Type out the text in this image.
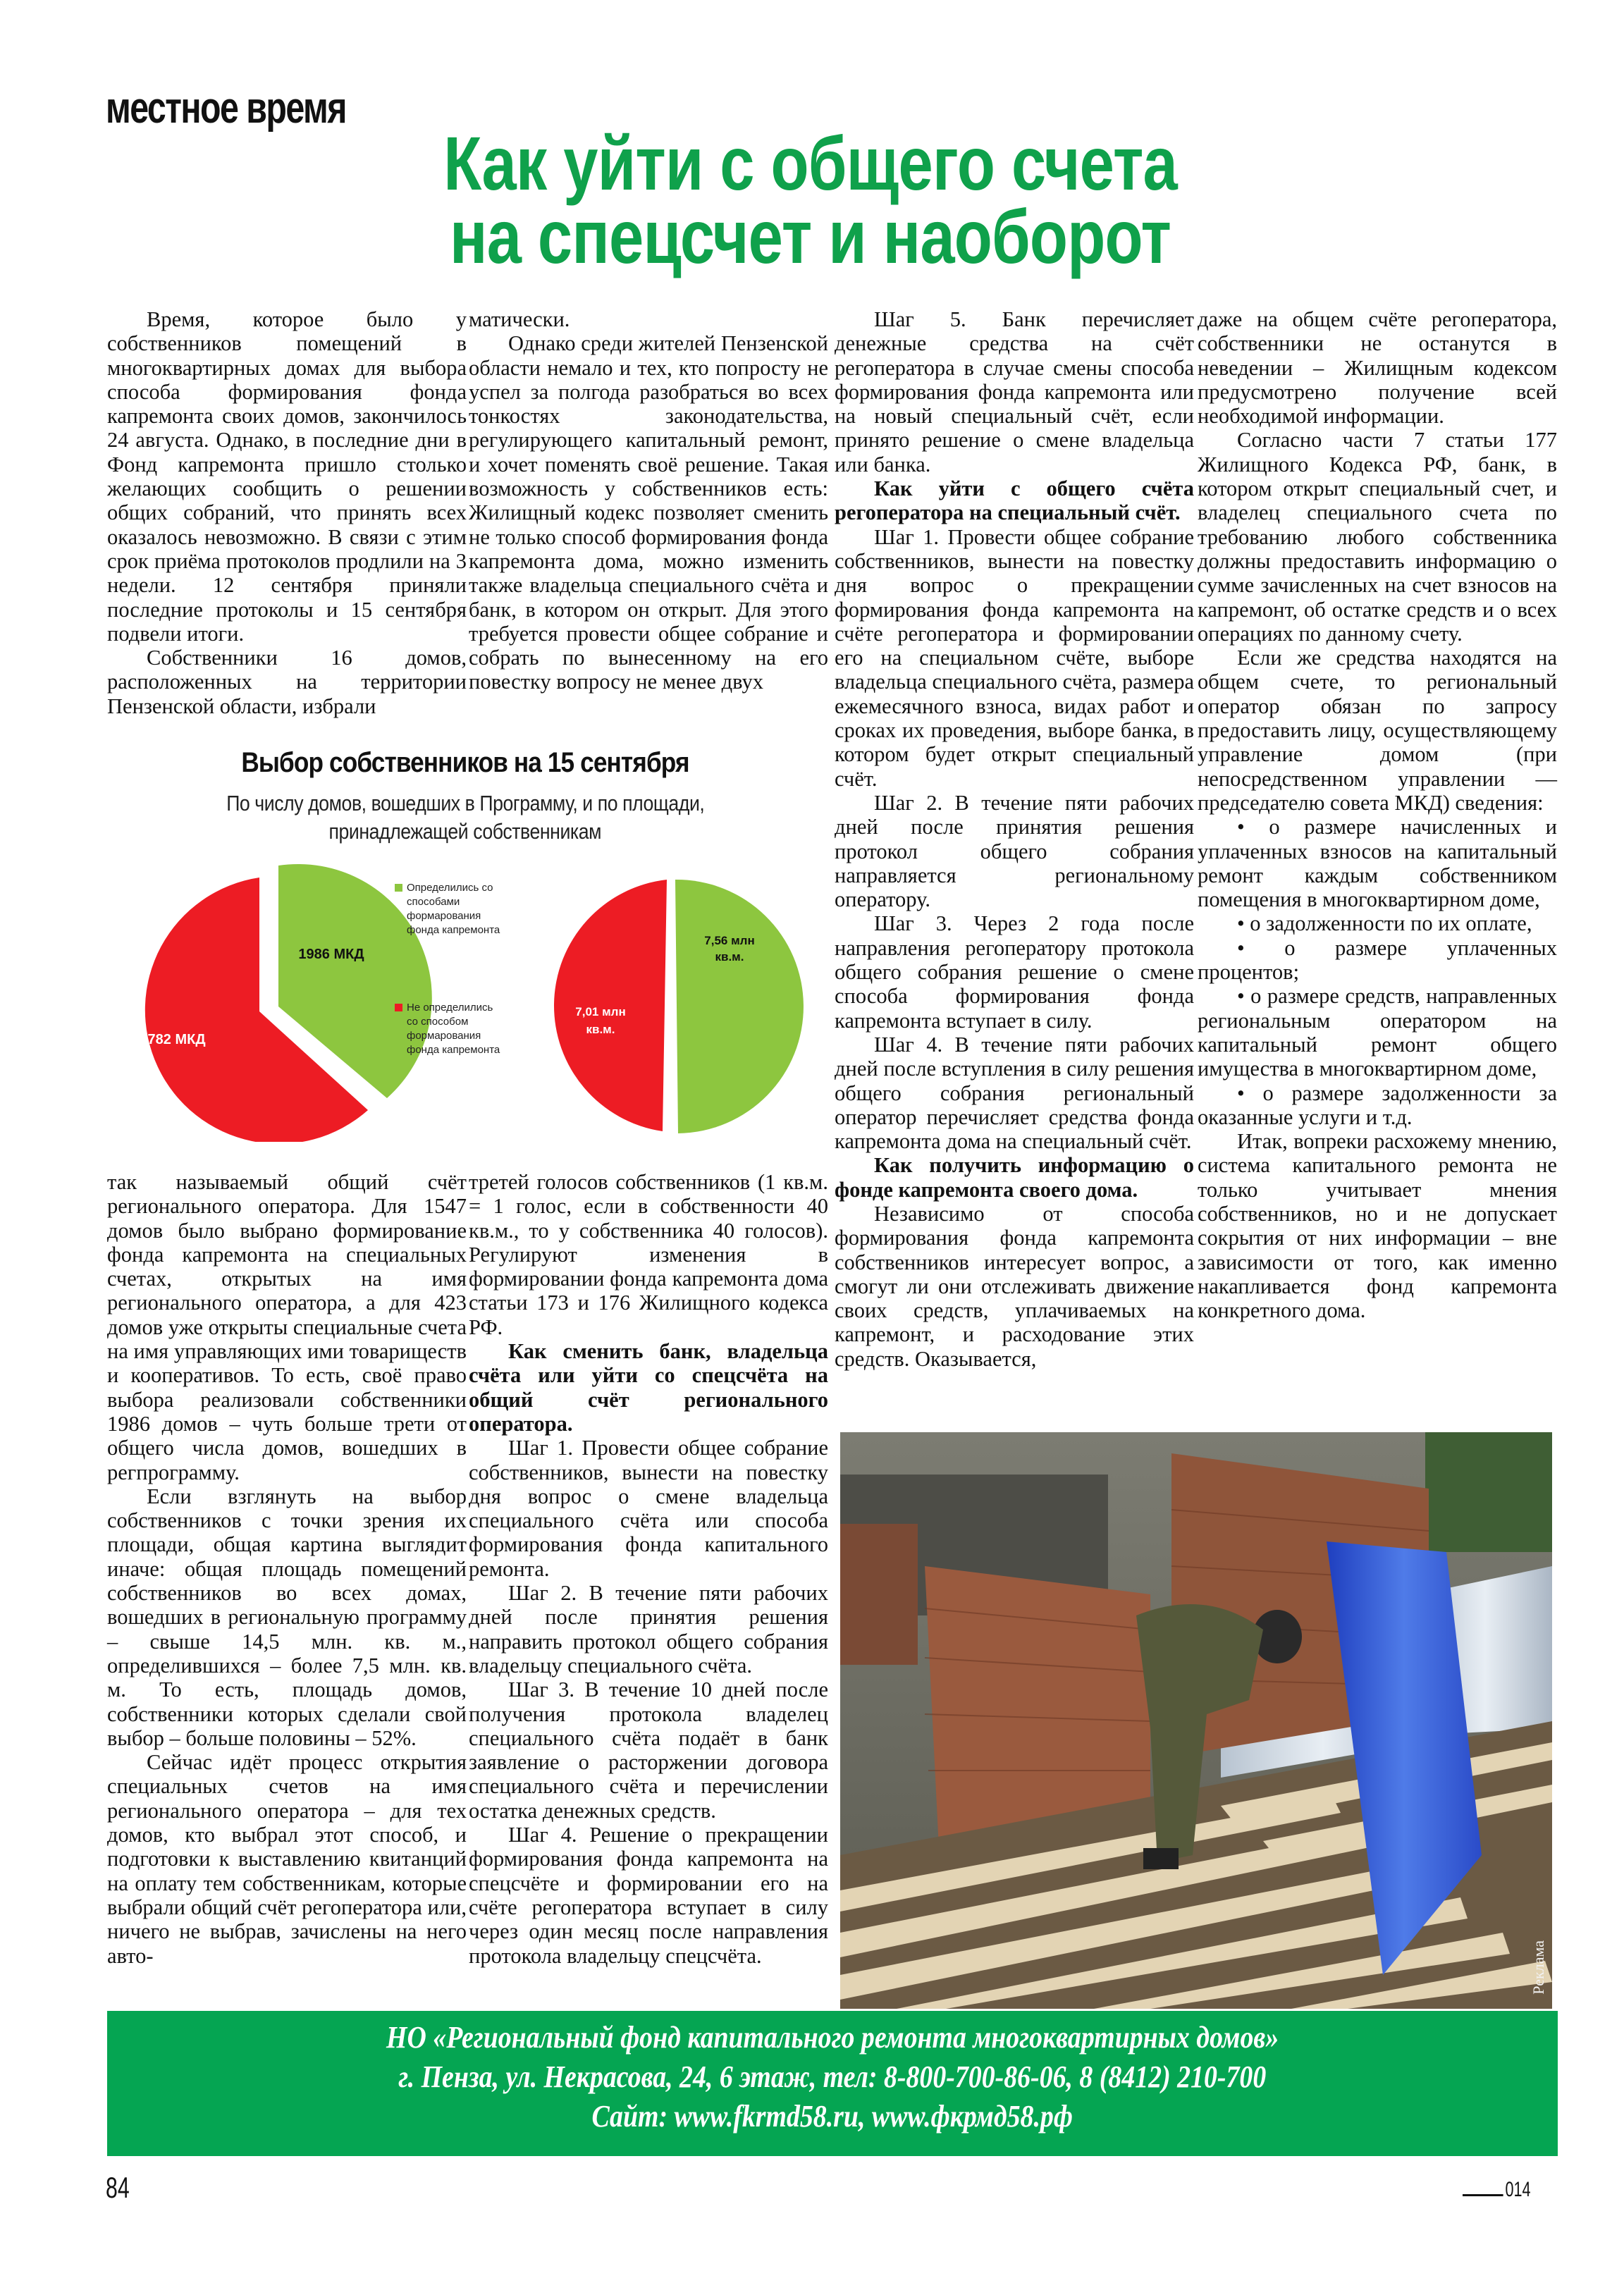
местное время
Как уйти с общего счета
на спецсчет и наоборот

Время, которое было у собственников помещений в многоквартирных домах для выбора способа формирования фонда капремонта своих домов, закончилось 24 августа. Однако, в последние дни в Фонд капремонта пришло столько желающих сообщить о решении общих собраний, что принять всех оказалось невозможно. В связи с этим срок приёма протоколов продлили на 3 недели. 12 сентября приняли последние протоколы и 15 сентября подвели итоги.

Собственники 16 домов, расположенных на территории Пензенской области, избрали

матически.

Однако среди жителей Пензенской области немало и тех, кто попросту не успел за полгода разобраться во всех тонкостях законодательства, регулирующего капитальный ремонт, и хочет поменять своё решение. Такая возможность у собственников есть: Жилищный кодекс позволяет сменить не только способ формирования фонда капремонта дома, можно изменить также владельца специального счёта и банк, в котором он открыт. Для этого требуется провести общее собрание и собрать по вынесенному на его повестку вопросу не менее двух

Шаг 5. Банк перечисляет денежные средства на счёт регоператора в случае смены способа формирования фонда капремонта или на новый специальный счёт, если принято решение о смене владельца или банка.

Как уйти с общего счёта регоператора на специальный счёт.

Шаг 1. Провести общее собрание собственников, вынести на повестку дня вопрос о прекращении формирования фонда капремонта на счёте регоператора и формировании его на специальном счёте, выборе владельца специального счёта, размера ежемесячного взноса, видах работ и сроках их проведения, выборе банка, в котором будет открыт специальный счёт.

Шаг 2. В течение пяти рабочих дней после принятия решения протокол общего собрания направляется региональному оператору.

Шаг 3. Через 2 года после направления регоператору протокола общего собрания решение о смене способа формирования фонда капремонта вступает в силу.

Шаг 4. В течение пяти рабочих дней после вступления в силу решения общего собрания региональный оператор перечисляет средства фонда капремонта дома на специальный счёт.

Как получить информацию о фонде капремонта своего дома.

Независимо от способа формирования фонда капремонта собственников интересует вопрос, а смогут ли они отслеживать движение своих средств, уплачиваемых на капремонт, и расходование этих средств. Оказывается,

даже на общем счёте регоператора, собственники не останутся в неведении – Жилищным кодексом предусмотрено получение всей необходимой информации.

Согласно части 7 статьи 177 Жилищного Кодекса РФ, банк, в котором открыт специальный счет, и владелец специального счета по требованию любого собственника должны предоставить информацию о сумме зачисленных на счет взносов на капремонт, об остатке средств и о всех операциях по данному счету.

Если же средства находятся на общем счете, то региональный оператор обязан по запросу предоставить лицу, осуществляющему управление домом (при непосредственном управлении — председателю совета МКД) сведения:

• о размере начисленных и уплаченных взносов на капитальный ремонт каждым собственником помещения в многоквартирном доме,

• о задолженности по их оплате,

• о размере уплаченных процентов;

• о размере средств, направленных региональным оператором на капитальный ремонт общего имущества в многоквартирном доме,

• о размере задолженности за оказанные услуги и т.д.

Итак, вопреки расхожему мнению, система капитального ремонта не только учитывает мнения собственников, но и не допускает сокрытия от них информации – вне зависимости от того, как именно накапливается фонд капремонта конкретного дома.

так называемый общий счёт регионального оператора. Для 1547 домов было выбрано формирование фонда капремонта на специальных счетах, открытых на имя регионального оператора, а для 423 домов уже открыты специальные счета на имя управляющих ими товариществ и кооперативов. То есть, своё право выбора реализовали собственники 1986 домов – чуть больше трети от общего числа домов, вошедших в регпрограмму.

Если взглянуть на выбор собственников с точки зрения их площади, общая картина выглядит иначе: общая площадь помещений собственников во всех домах, вошедших в региональную программу – свыше 14,5 млн. кв. м., определившихся – более 7,5 млн. кв. м. То есть, площадь домов, собственники которых сделали свой выбор – больше половины – 52%.

Сейчас идёт процесс открытия специальных счетов на имя регионального оператора – для тех домов, кто выбрал этот способ, и подготовки к выставлению квитанций на оплату тем собственникам, которые выбрали общий счёт регоператора или, ничего не выбрав, зачислены на него авто-

третей голосов собственников (1 кв.м. = 1 голос, если в собственности 40 кв.м., то у собственника 40 голосов). Регулируют изменения в формировании фонда капремонта дома статьи 173 и 176 Жилищного кодекса РФ.

Как сменить банк, владельца счёта или уйти со спецсчёта на общий счёт регионального оператора.

Шаг 1. Провести общее собрание собственников, вынести на повестку дня вопрос о смене владельца специального счёта или способа формирования фонда капитального ремонта.

Шаг 2. В течение пяти рабочих дней после принятия решения направить протокол общего собрания владельцу специального счёта.

Шаг 3. В течение 10 дней после получения протокола владелец специального счёта подаёт в банк заявление о расторжении договора специального счёта и перечислении остатка денежных средств.

Шаг 4. Решение о прекращении формирования фонда капремонта на спецсчёте и формировании его на счёте регоператора вступает в силу через один месяц после направления протокола владельцу спецсчёта.

Выбор собственников на 15 сентября
По числу домов, вошедших в Программу, и по площади,
принадлежащей собственникам
1986 МКД
3782 МКД
7,56 млн
кв.м.
7,01 млн
кв.м.
Определились со
способами
формарования
фонда капремонта
Не определились
со способом
формарования
фонда капремонта
Реклама
НО «Региональный фонд капитального ремонта многоквартирных домов»
г. Пенза, ул. Некрасова, 24, 6 этаж, тел: 8-800-700-86-06, 8 (8412) 210-700
Сайт: www.fkrmd58.ru, www.фкрмд58.рф
84	014
